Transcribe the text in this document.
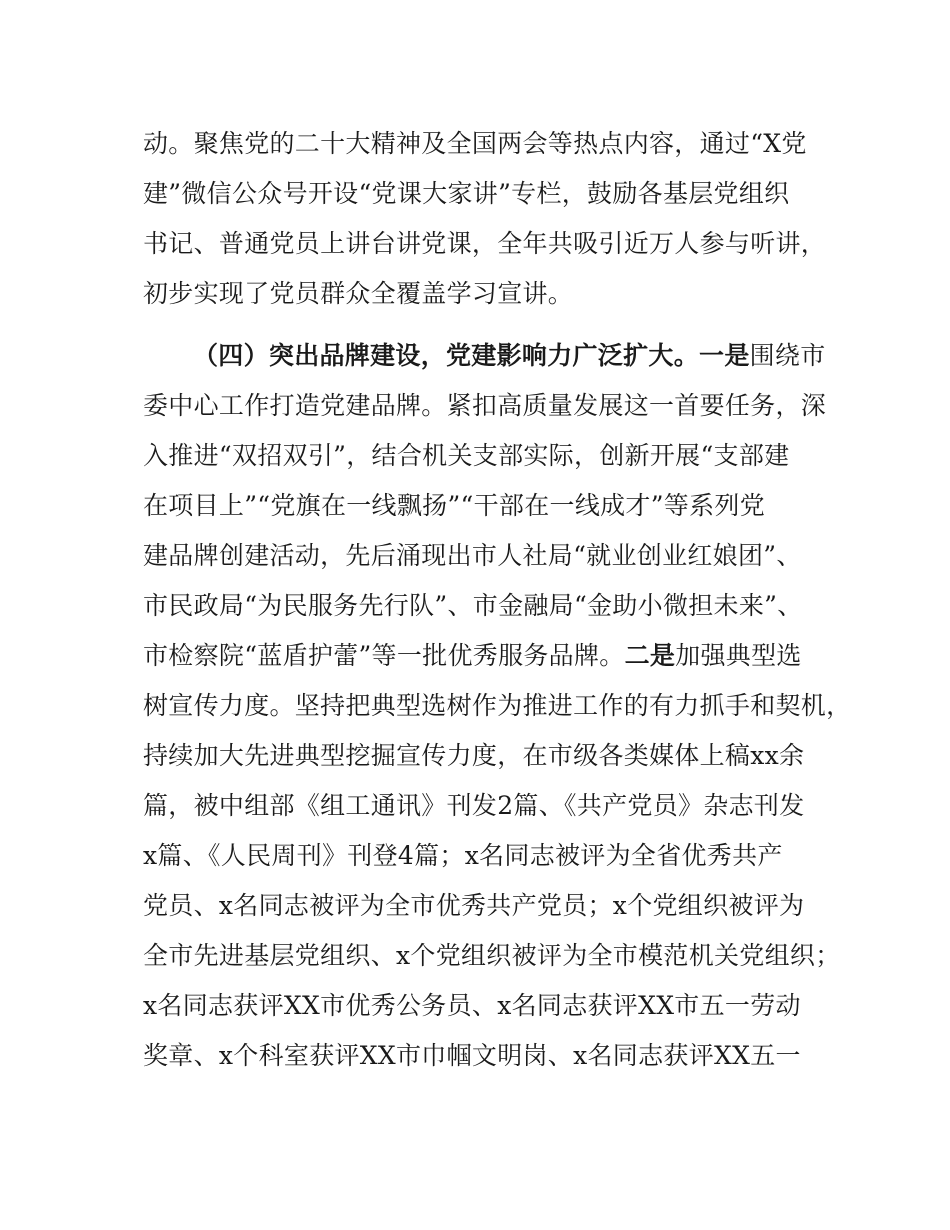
动。聚焦党的二十大精神及全国两会等热点内容，通过“X党
建”微信公众号开设“党课大家讲”专栏，鼓励各基层党组织
书记、普通党员上讲台讲党课，全年共吸引近万人参与听讲，
初步实现了党员群众全覆盖学习宣讲。
（四）突出品牌建设，党建影响力广泛扩大。一是围绕市
委中心工作打造党建品牌。紧扣高质量发展这一首要任务，深
入推进“双招双引”，结合机关支部实际，创新开展“支部建
在项目上”“党旗在一线飘扬”“干部在一线成才”等系列党
建品牌创建活动，先后涌现出市人社局“就业创业红娘团”、
市民政局“为民服务先行队”、市金融局“金助小微担未来”、
市检察院“蓝盾护蕾”等一批优秀服务品牌。二是加强典型选
树宣传力度。坚持把典型选树作为推进工作的有力抓手和契机，
持续加大先进典型挖掘宣传力度，在市级各类媒体上稿xx余
篇，被中组部《组工通讯》刊发2篇、《共产党员》杂志刊发
x篇、《人民周刊》刊登4篇；x名同志被评为全省优秀共产
党员、x名同志被评为全市优秀共产党员；x个党组织被评为
全市先进基层党组织、x个党组织被评为全市模范机关党组织；
x名同志获评XX市优秀公务员、x名同志获评XX市五一劳动
奖章、x个科室获评XX市巾帼文明岗、x名同志获评XX五一
